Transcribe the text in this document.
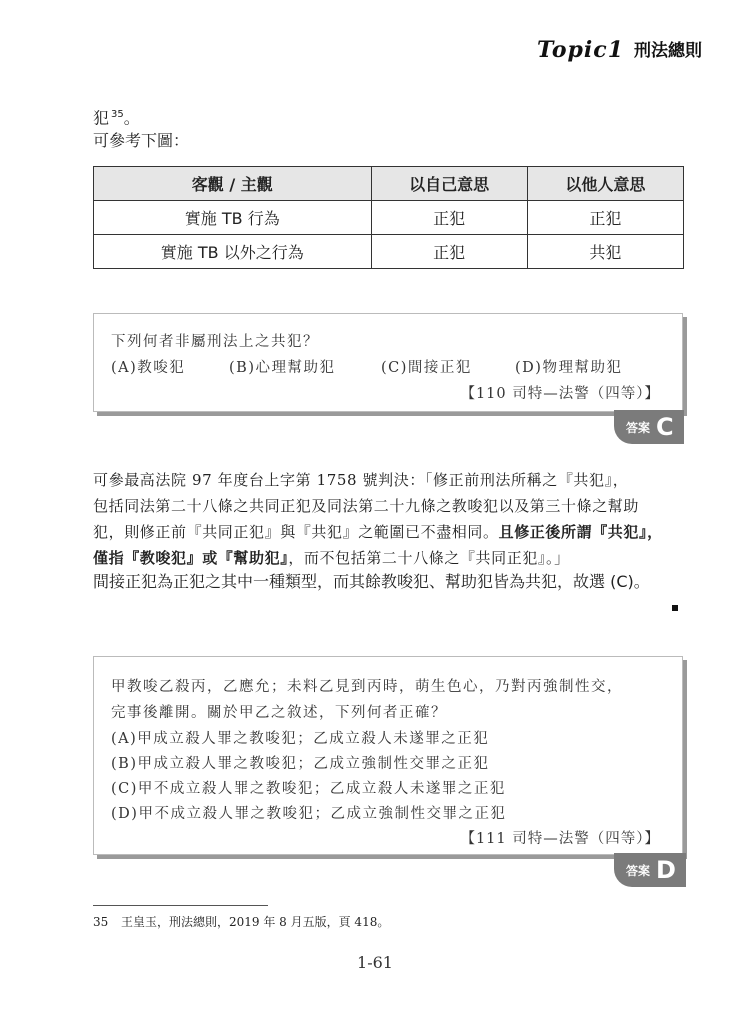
Topic1 刑法總則
犯 $^{35}$。
可參考下圖：
客觀 / 主觀	以自己意思	以他人意思
實施 TB 行為	正犯	正犯
實施 TB 以外之行為	正犯	共犯
下列何者非屬刑法上之共犯？
(A)教唆犯	(B)心理幫助犯	(C)間接正犯	(D)物理幫助犯
【110 司特—法警（四等）】
答案 C
可參最高法院 97 年度台上字第 1758 號判決：「修正前刑法所稱之『共犯』，
包括同法第二十八條之共同正犯及同法第二十九條之教唆犯以及第三十條之幫助
犯，則修正前『共同正犯』與『共犯』之範圍已不盡相同。且修正後所謂『共犯』，
僅指『教唆犯』或『幫助犯』，而不包括第二十八條之『共同正犯』。」
間接正犯為正犯之其中一種類型，而其餘教唆犯、幫助犯皆為共犯，故選 (C)。
甲教唆乙殺丙，乙應允；未料乙見到丙時，萌生色心，乃對丙強制性交，
完事後離開。關於甲乙之敘述，下列何者正確？
(A)甲成立殺人罪之教唆犯；乙成立殺人未遂罪之正犯
(B)甲成立殺人罪之教唆犯；乙成立強制性交罪之正犯
(C)甲不成立殺人罪之教唆犯；乙成立殺人未遂罪之正犯
(D)甲不成立殺人罪之教唆犯；乙成立強制性交罪之正犯
【111 司特—法警（四等）】
答案 D
35 王皇玉，刑法總則，2019 年 8 月五版，頁 418。
1-61
